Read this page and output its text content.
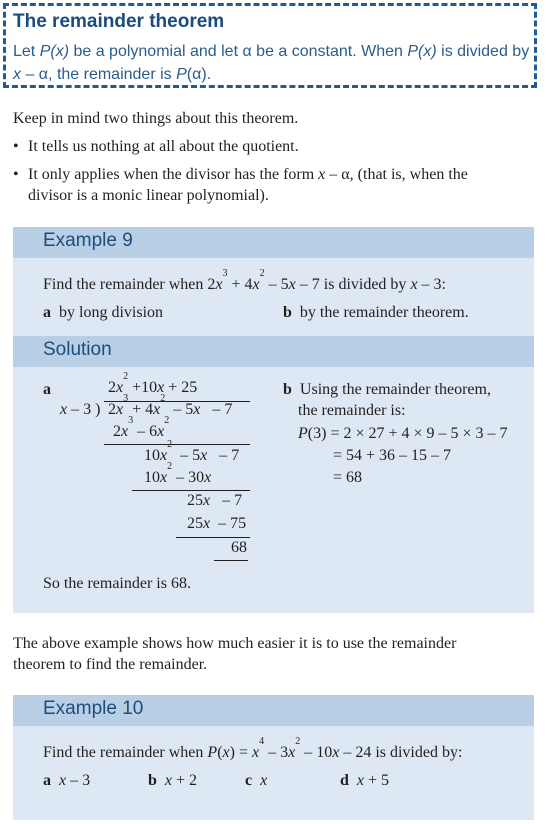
The remainder theorem
Let P(x) be a polynomial and let α be a constant. When P(x) is divided by
x – α, the remainder is P(α).
Keep in mind two things about this theorem.
• It tells us nothing at all about the quotient.
• It only applies when the divisor has the form x – α, (that is, when the
divisor is a monic linear polynomial).
Example 9
Find the remainder when $2x^3 + 4x^2 - 5x - 7$ is divided by x – 3:
a by long division	b by the remainder theorem.
Solution
a	$2x^2 +10x + 25$
x – 3 ) $2x^3 + 4x^2 - 5x - 7$
$2x^3 - 6x^2$
$10x^2 - 5x - 7$
$10x^2 - 30x$
25x   – 7
25x  – 75
68
b Using the remainder theorem,
the remainder is:
P(3) = 2 × 27 + 4 × 9 – 5 × 3 – 7
= 54 + 36 – 15 – 7
= 68
So the remainder is 68.
The above example shows how much easier it is to use the remainder
theorem to find the remainder.
Example 10
Find the remainder when $P(x) = x^4 - 3x^2 - 10x - 24$ is divided by:
a x – 3	b x + 2	c x	d x + 5
